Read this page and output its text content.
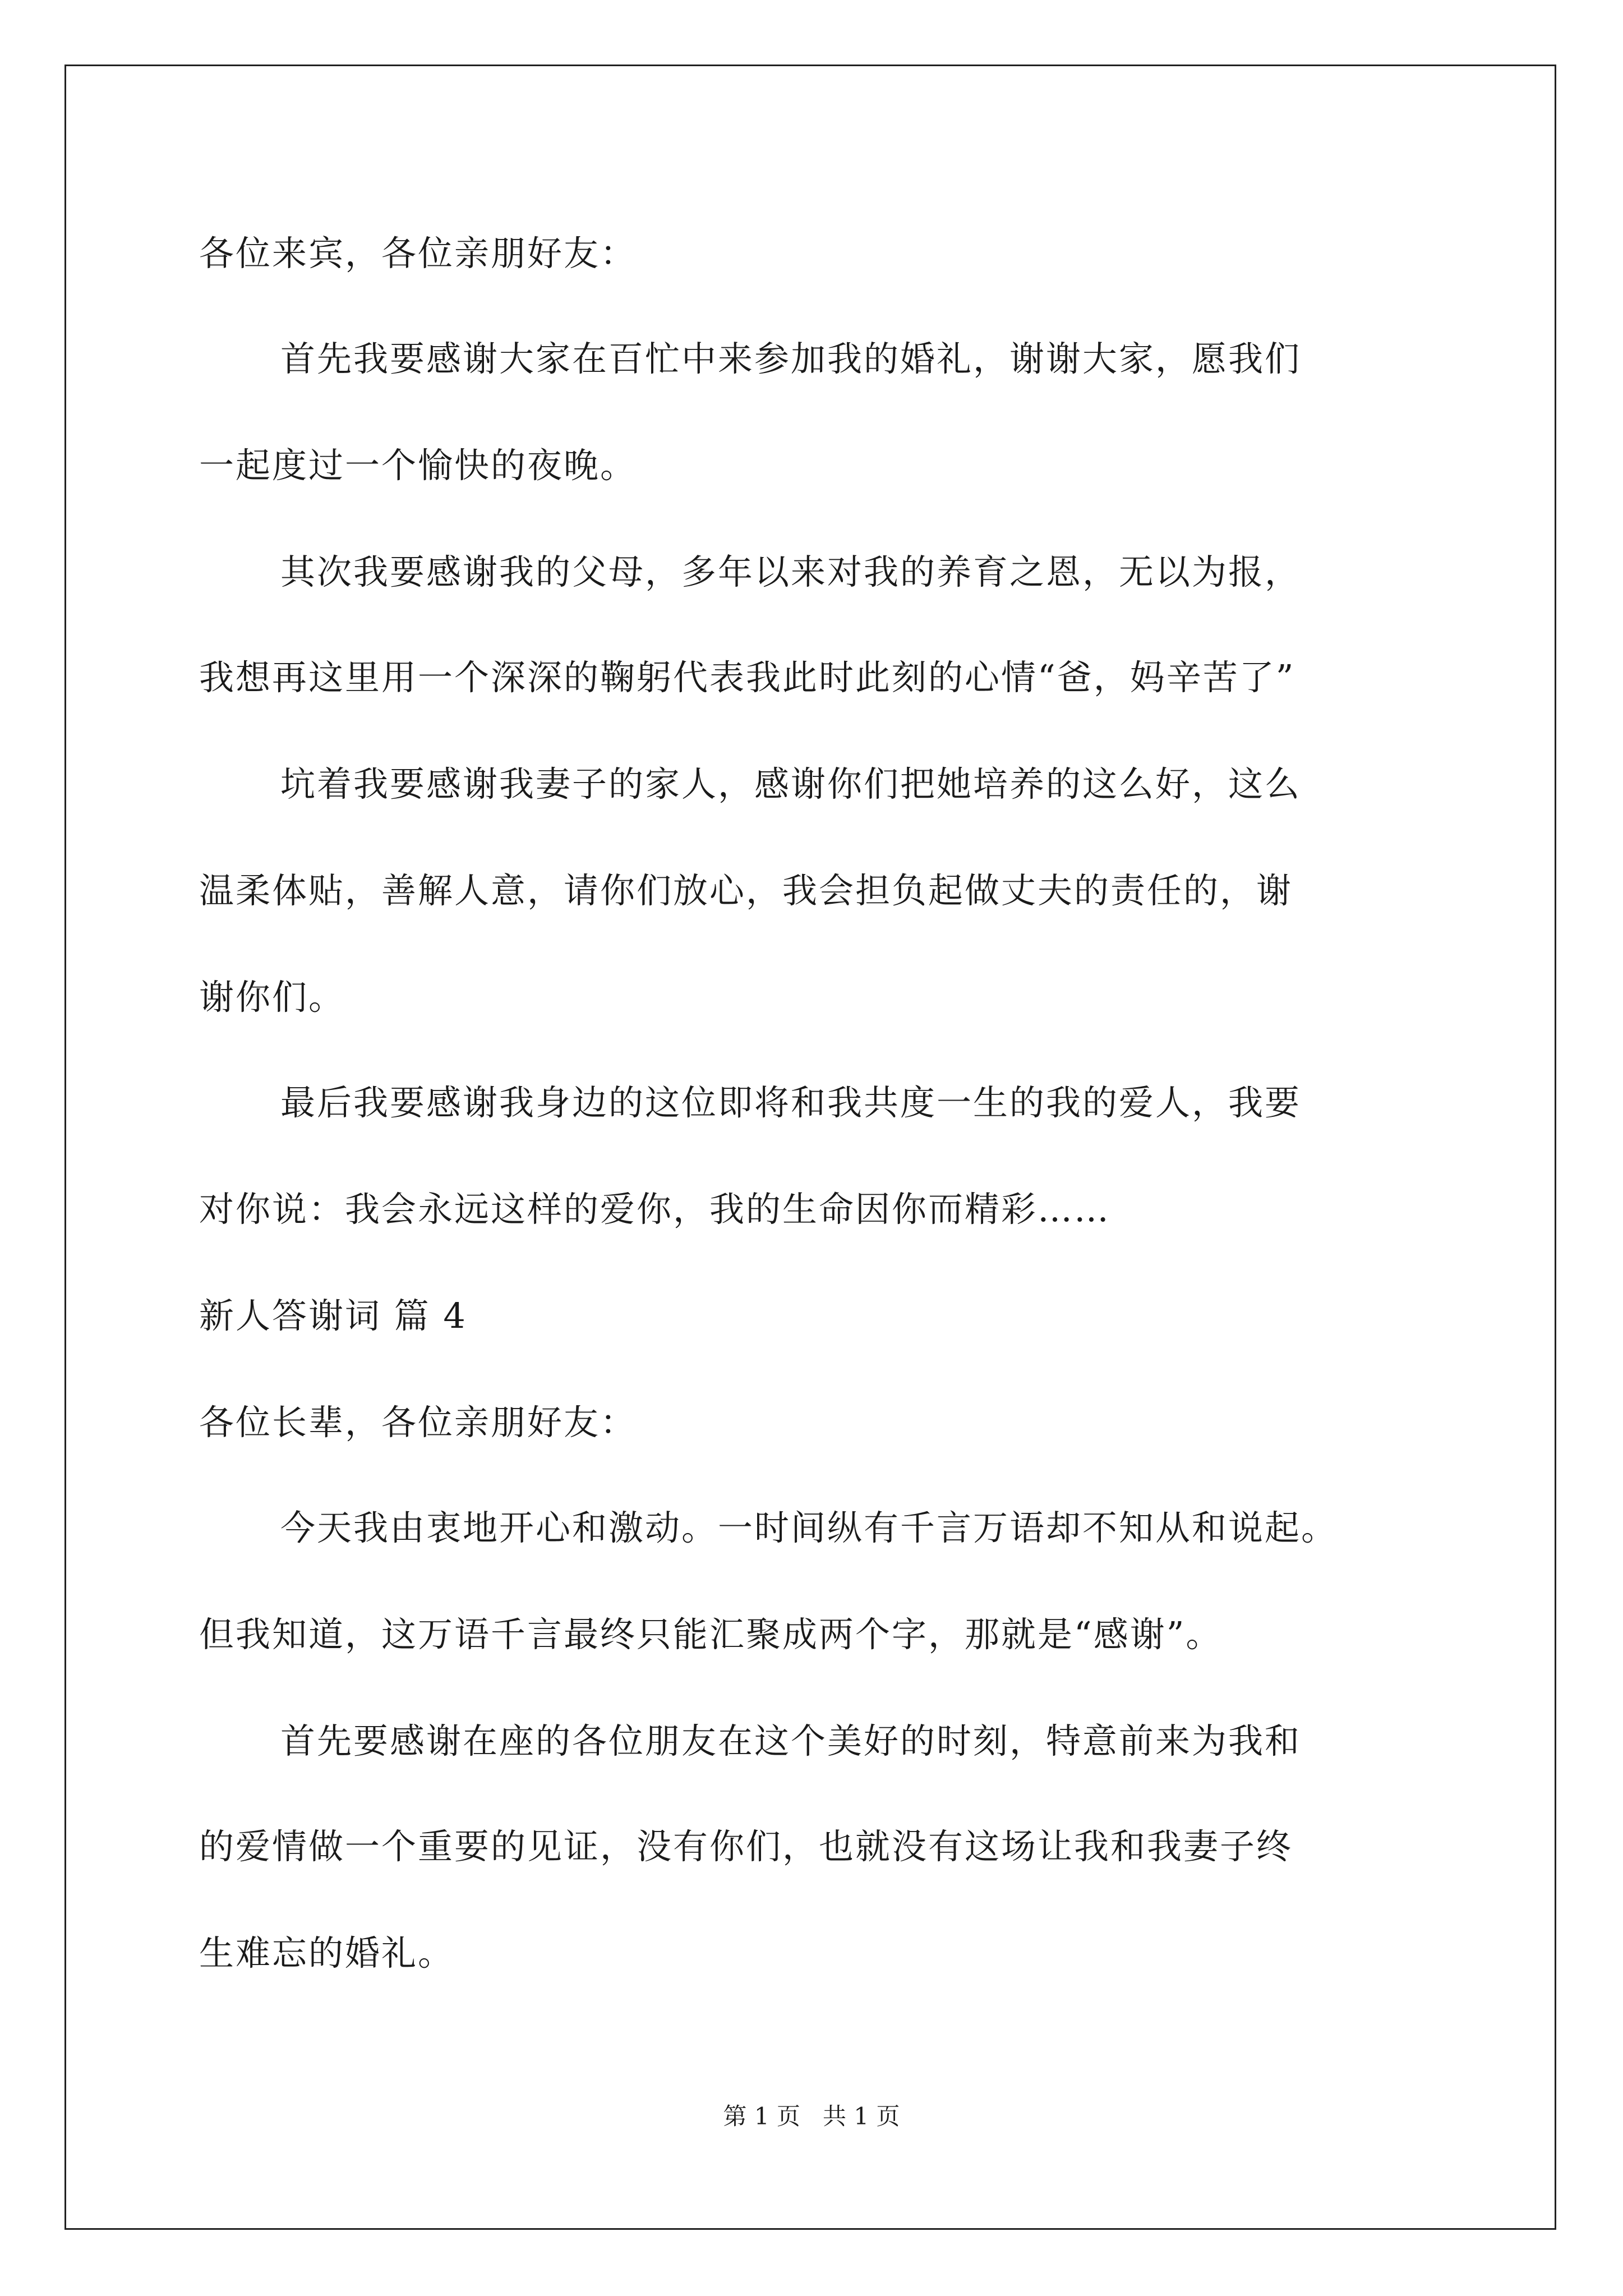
各位来宾，各位亲朋好友：
首先我要感谢大家在百忙中来参加我的婚礼，谢谢大家，愿我们
一起度过一个愉快的夜晚。
其次我要感谢我的父母，多年以来对我的养育之恩，无以为报，
我想再这里用一个深深的鞠躬代表我此时此刻的心情“爸，妈辛苦了”
坑着我要感谢我妻子的家人，感谢你们把她培养的这么好，这么
温柔体贴，善解人意，请你们放心，我会担负起做丈夫的责任的，谢
谢你们。
最后我要感谢我身边的这位即将和我共度一生的我的爱人，我要
对你说：我会永远这样的爱你，我的生命因你而精彩……
新人答谢词 篇 4
各位长辈，各位亲朋好友：
今天我由衷地开心和激动。一时间纵有千言万语却不知从和说起。
但我知道，这万语千言最终只能汇聚成两个字，那就是“感谢”。
首先要感谢在座的各位朋友在这个美好的时刻，特意前来为我和
的爱情做一个重要的见证，没有你们，也就没有这场让我和我妻子终
生难忘的婚礼。
第 1 页   共 1 页
